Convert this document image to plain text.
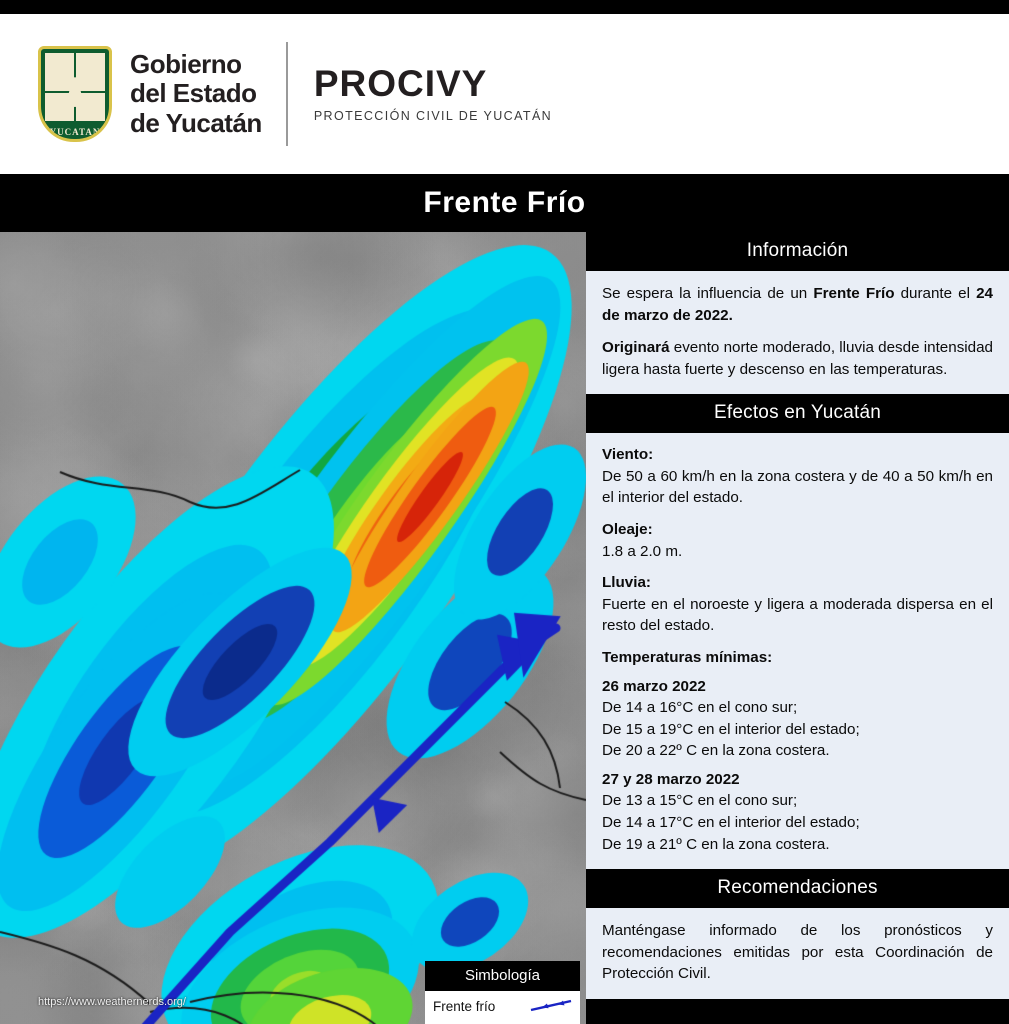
YUCATAN
Gobierno
del Estado
de Yucatán
PROCIVY
PROTECCIÓN CIVIL DE YUCATÁN
Frente Frío
https://www.weathernerds.org/
Simbología
Frente frío
Información

Se espera la influencia de un Frente Frío durante el 24 de marzo de 2022.

Originará evento norte moderado, lluvia desde intensidad ligera hasta fuerte y descenso en las temperaturas.

Efectos en Yucatán
Viento:
De 50 a 60 km/h en la zona costera y de 40 a 50 km/h en el interior del estado.
Oleaje:
1.8 a 2.0 m.
Lluvia:
Fuerte en el noroeste y ligera a moderada dispersa en el resto del estado.
Temperaturas mínimas:
26 marzo 2022
De 14 a 16°C en el cono sur;
De 15 a 19°C en el interior del estado;
De 20 a 22º C en la zona costera.
27 y 28 marzo 2022
De 13 a 15°C en el cono sur;
De 14 a 17°C en el interior del estado;
De 19 a 21º C en la zona costera.
Recomendaciones

Manténgase informado de los pronósticos y recomendaciones emitidas por esta Coordinación de Protección Civil.
